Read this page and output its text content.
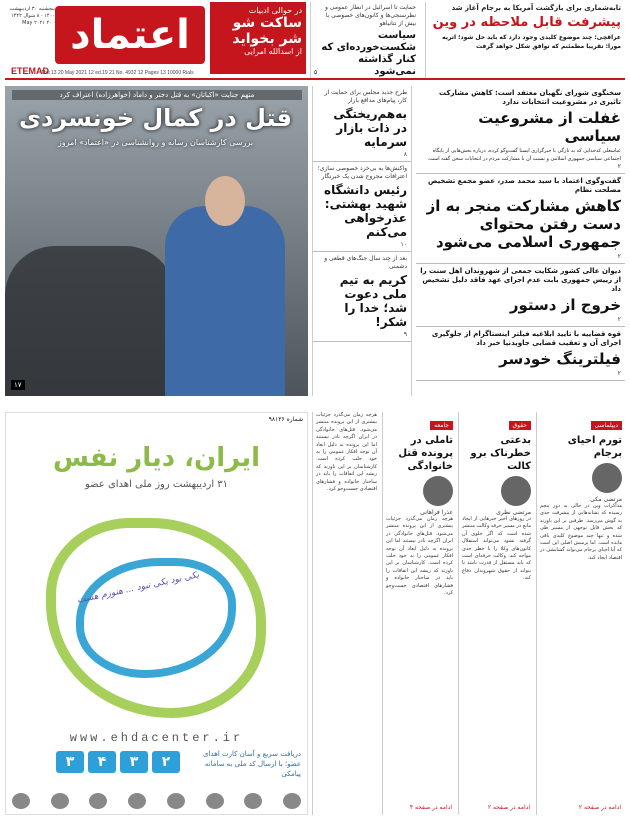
تابه‌شماری برای بازگشت آمریکا به برجام آغاز شد
پیشرفت قابل ملاحظه در وین
عراقچی: چند موضوع کلیدی وجود دارد که باید حل شود؛ اتریه مورا: تقریبا مطمئنم که توافق شکل خواهد گرفت
حمایت تا اسرائیل در انظار عمومی و نظرسنجی‌ها و کانون‌های خصوصی با بیش از نتانیاهو
سیاست شکست‌خورده‌ای که کنار گذاشته نمی‌شود
۵
در حوالی ادبیات
ساکت شو شر بخواید
از اسدالله امرایی
اعتماد
پنجشنبه ۳۰ اردیبهشت ۱۴۰۰ · ۸ شوال ۱۴۴۲ · ۲۰ May ۲۰۲۱
ETEMAD
Thu 13 20 May 2021 12 ed.19 21 No. 4932 12 Pages 13 10000 Rials
سخنگوی شورای نگهبان معتقد است: کاهش مشارکت تاثیری در مشروعیت انتخابات ندارد
غفلت از مشروعیت سیاسی
عباسعلی کدخدایی که به تازگی با خبرگزاری ایسنا گفت‌وگو کرده، درباره بخش‌هایی از پایگاه اجتماعی سیاسی جمهوری اسلامی و نسبت آن با مشارکت مردم در انتخابات سخن گفته است.
۲
گفت‌وگوی اعتماد با سید محمد صدر، عضو مجمع تشخیص مصلحت نظام
کاهش مشارکت منجر به از دست رفتن محتوای جمهوری اسلامی می‌شود
۲
دیوان عالی کشور شکایت جمعی از شهروندان اهل سنت را از رییس جمهوری بابت عدم اجرای عهد فاقد دلیل تشخیص داد
خروج از دستور
۲
قوه قضاییه با تایید ابلاغیه فیلتر اینستاگرام از جلوگیری اجرای آن و تعقیب قضایی جاویدنیا خبر داد
فیلترینگ خودسر
۲
طرح جدید مجلس برای حمایت از کار، پیام‌های مدافع بازار
به‌هم‌ریختگی در ذات بازار سرمایه
۸
واکنش‌ها به بی‌خرد خصوصی سازی؛ اعترافات مجروح شدن یک خبرنگار
رئیس دانشگاه شهید بهشتی: عذرخواهی می‌کنم
۱۰
بعد از چند سال جنگ‌های قطعی و دشمنی
کریم به تیم ملی دعوت شد؛ خدا را شکر!
۹
متهم جنایت «اکباتان» به قتل دختر و داماد (خواهرزاده) اعتراف کرد
قتل در کمال خونسردی
بررسی کارشناسان رسانه و روانشناسی در «اعتماد» امروز
۱۷
دیپلماسی
تورم احیای برجام
مرتضی مکی
مذاکرات وین در حالی به دور پنجم رسیده که نشانه‌هایی از پیشرفت جدی به گوش می‌رسد. طرفین بر این باورند که بخش قابل توجهی از مسیر طی شده و تنها چند موضوع کلیدی باقی مانده است. اما پرسش اصلی این است که آیا احیای برجام می‌تواند گشایشی در اقتصاد ایجاد کند.
ادامه در صفحه ۲
حقوق
بدعتی خطرناک برو کالت
مرتضی نظری
در روزهای اخیر خبرهایی از ایجاد مانع در مسیر حرفه وکالت منتشر شده است که اگر جلوی آن گرفته نشود می‌تواند استقلال کانون‌های وکلا را با خطر جدی مواجه کند. وکالت حرفه‌ای است که باید مستقل از قدرت باشد تا بتواند از حقوق شهروندان دفاع کند.
ادامه در صفحه ۲
جامعه
تاملی در پرونده قتل خانوادگی
عذرا فراهانی
هرچه زمان می‌گذرد جزئیات بیشتری از این پرونده منتشر می‌شود. قتل‌های خانوادگی در ایران اگرچه نادر نیستند اما این پرونده به دلیل ابعاد آن توجه افکار عمومی را به خود جلب کرده است. کارشناسان بر این باورند که ریشه این اتفاقات را باید در ساختار خانواده و فشارهای اقتصادی جست‌وجو کرد.
ادامه در صفحه ۴
هرچه زمان می‌گذرد جزئیات بیشتری از این پرونده منتشر می‌شود. قتل‌های خانوادگی در ایران اگرچه نادر نیستند اما این پرونده به دلیل ابعاد آن توجه افکار عمومی را به خود جلب کرده است. کارشناسان بر این باورند که ریشه این اتفاقات را باید در ساختار خانواده و فشارهای اقتصادی جست‌وجو کرد.
شماره ۹۸۱۳۶
ایران، دیار نفس
۳۱ اردیبهشت روز ملی اهدای عضو
یکی بود یکی نبود ... هنوزم هست
www.ehdacenter.ir
۳	۴	۳	۲	دریافت سریع و آسان کارت اهدای عضو؛ با ارسال کد ملی به سامانه پیامکی
